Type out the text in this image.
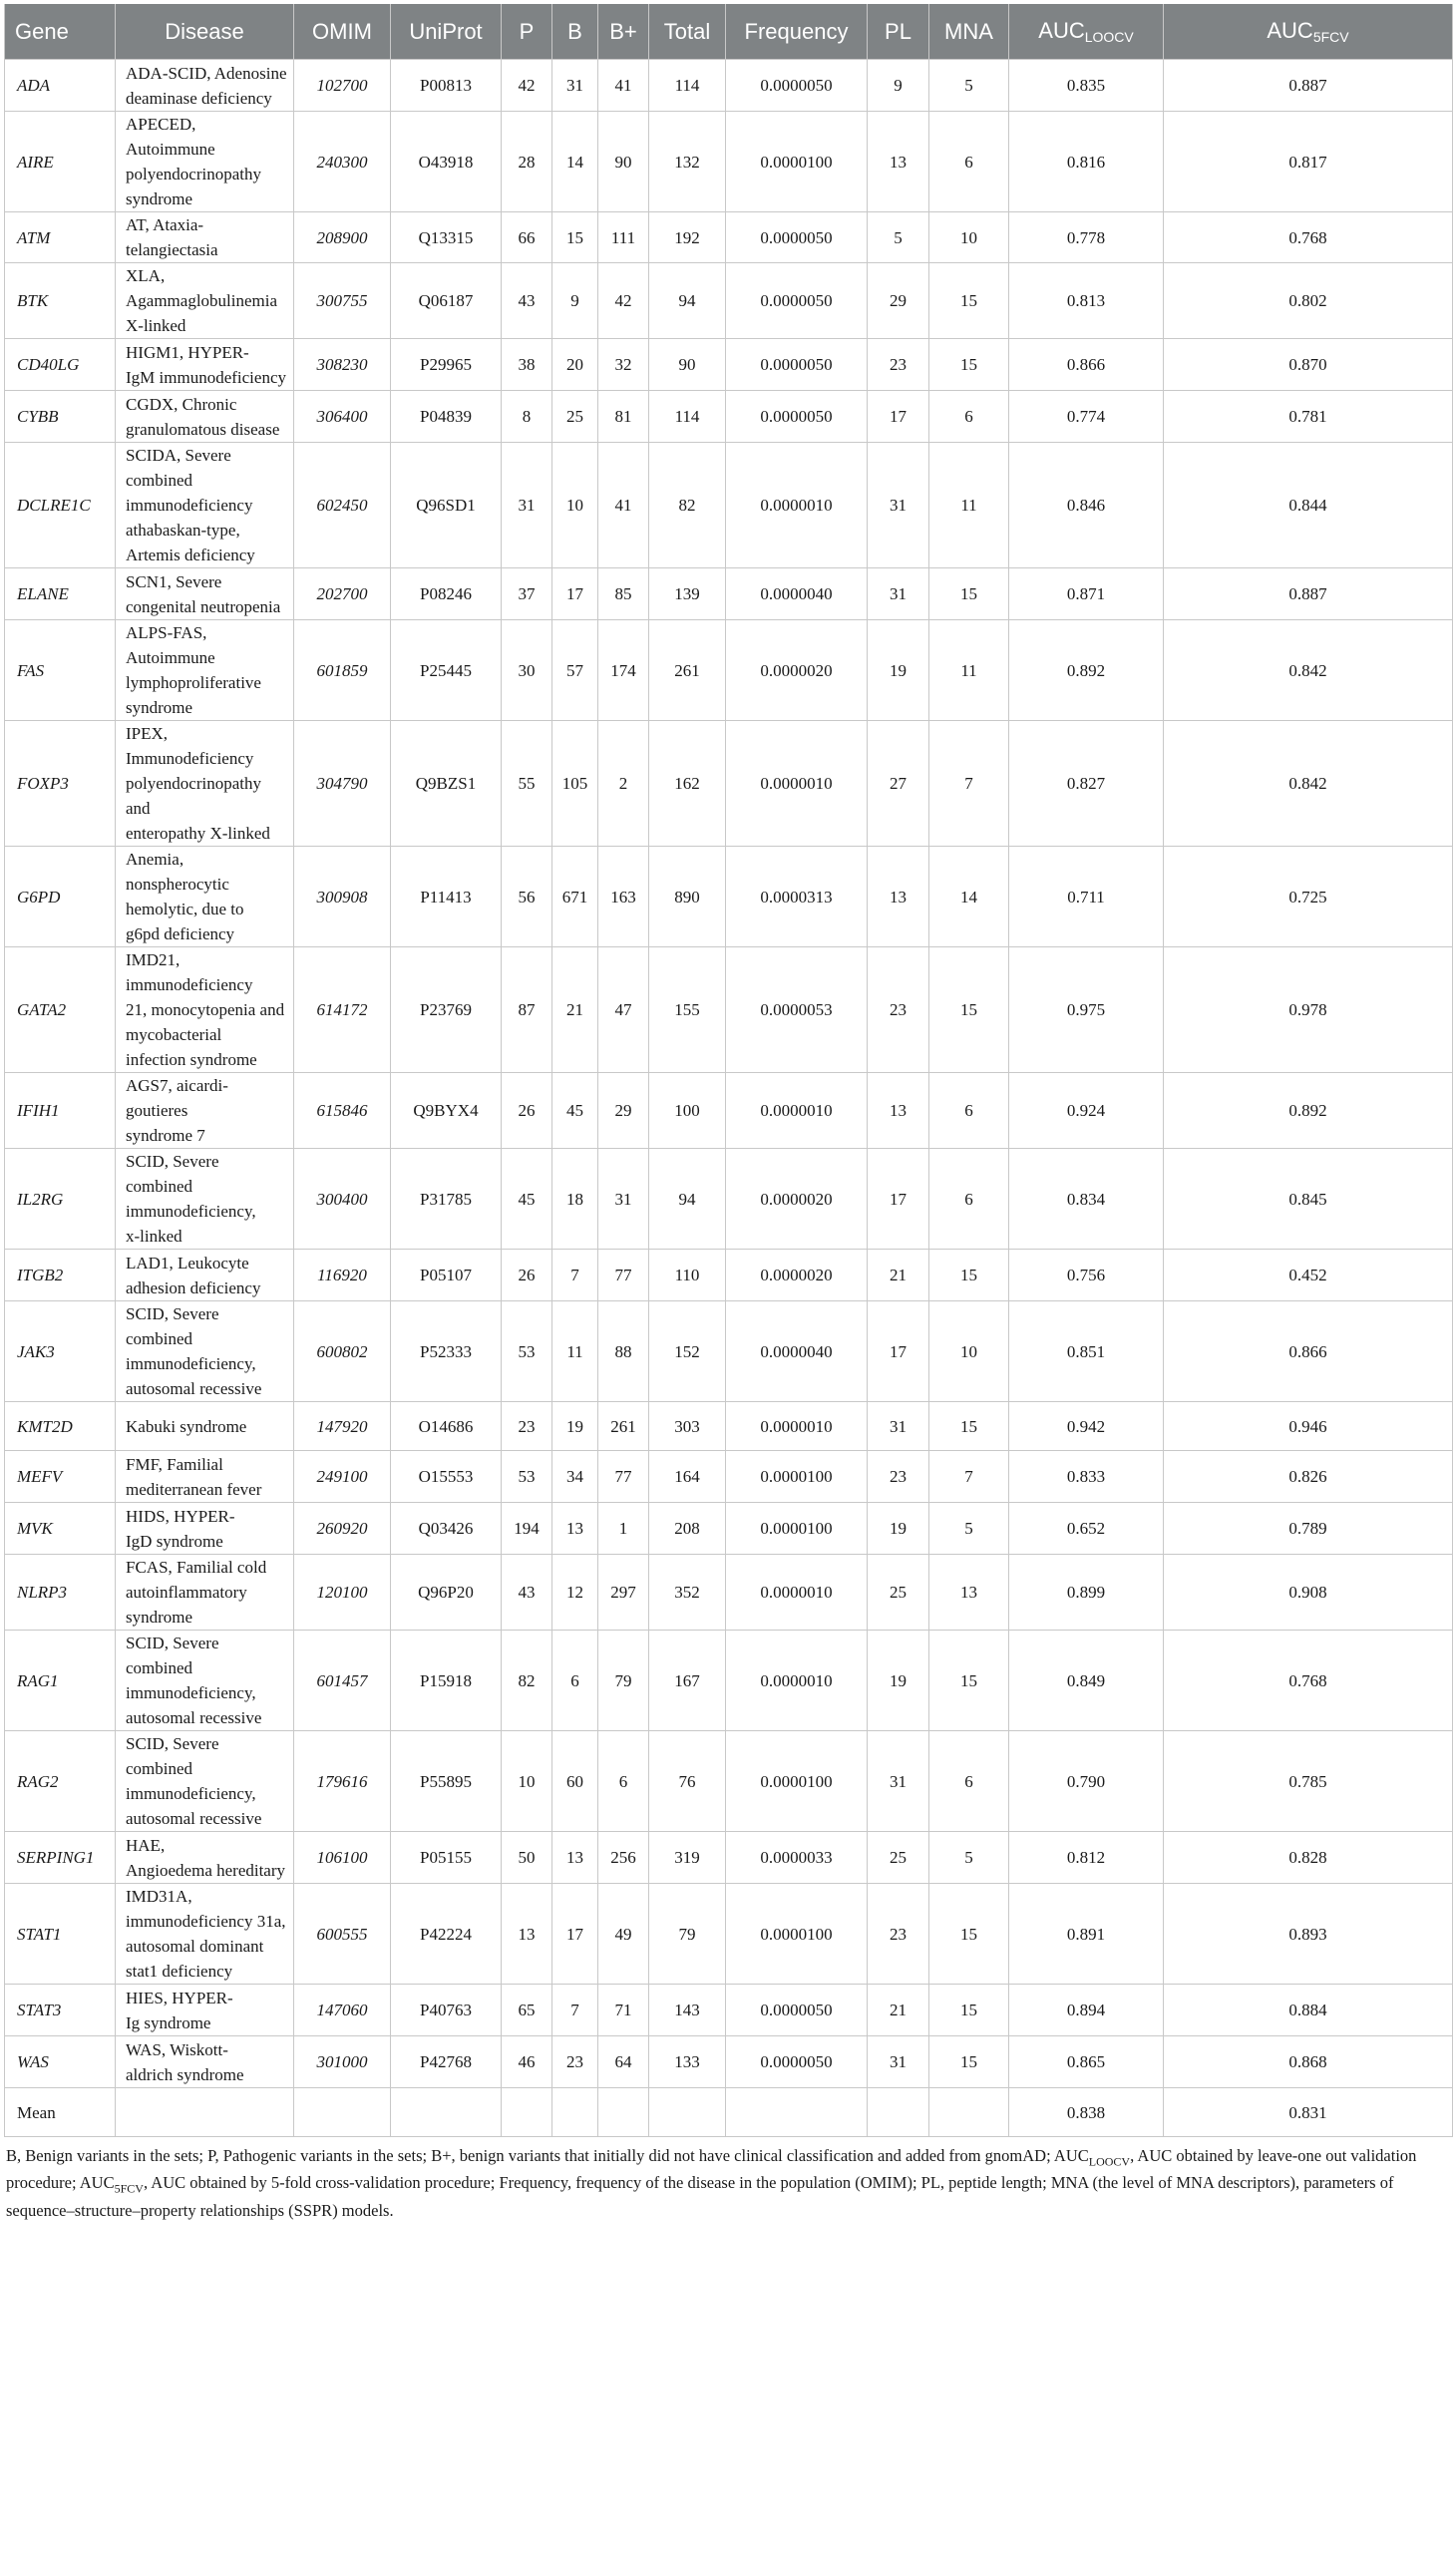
Gene	Disease	OMIM	UniProt	P	B	B+	Total	Frequency	PL	MNA	$AUC_{LOOCV}$	$AUC_{5FCV}$
ADA	ADA-SCID, Adenosine
deaminase deficiency	102700	P00813	42	31	41	114	0.0000050	9	5	0.835	0.887
AIRE	APECED, Autoimmune
polyendocrinopathy
syndrome	240300	O43918	28	14	90	132	0.0000100	13	6	0.816	0.817
ATM	AT, Ataxia-telangiectasia	208900	Q13315	66	15	111	192	0.0000050	5	10	0.778	0.768
BTK	XLA,
Agammaglobulinemia
X-linked	300755	Q06187	43	9	42	94	0.0000050	29	15	0.813	0.802
CD40LG	HIGM1, HYPER-
IgM immunodeficiency	308230	P29965	38	20	32	90	0.0000050	23	15	0.866	0.870
CYBB	CGDX, Chronic
granulomatous disease	306400	P04839	8	25	81	114	0.0000050	17	6	0.774	0.781
DCLRE1C	SCIDA, Severe combined
immunodeficiency
athabaskan-type,
Artemis deficiency	602450	Q96SD1	31	10	41	82	0.0000010	31	11	0.846	0.844
ELANE	SCN1, Severe
congenital neutropenia	202700	P08246	37	17	85	139	0.0000040	31	15	0.871	0.887
FAS	ALPS-FAS, Autoimmune
lymphoproliferative
syndrome	601859	P25445	30	57	174	261	0.0000020	19	11	0.892	0.842
FOXP3	IPEX, Immunodeficiency
polyendocrinopathy and
enteropathy X-linked	304790	Q9BZS1	55	105	2	162	0.0000010	27	7	0.827	0.842
G6PD	Anemia, nonspherocytic
hemolytic, due to
g6pd deficiency	300908	P11413	56	671	163	890	0.0000313	13	14	0.711	0.725
GATA2	IMD21, immunodeficiency
21, monocytopenia and
mycobacterial
infection syndrome	614172	P23769	87	21	47	155	0.0000053	23	15	0.975	0.978
IFIH1	AGS7, aicardi-goutieres
syndrome 7	615846	Q9BYX4	26	45	29	100	0.0000010	13	6	0.924	0.892
IL2RG	SCID, Severe combined
immunodeficiency,
x-linked	300400	P31785	45	18	31	94	0.0000020	17	6	0.834	0.845
ITGB2	LAD1, Leukocyte
adhesion deficiency	116920	P05107	26	7	77	110	0.0000020	21	15	0.756	0.452
JAK3	SCID, Severe combined
immunodeficiency,
autosomal recessive	600802	P52333	53	11	88	152	0.0000040	17	10	0.851	0.866
KMT2D	Kabuki syndrome	147920	O14686	23	19	261	303	0.0000010	31	15	0.942	0.946
MEFV	FMF, Familial
mediterranean fever	249100	O15553	53	34	77	164	0.0000100	23	7	0.833	0.826
MVK	HIDS, HYPER-
IgD syndrome	260920	Q03426	194	13	1	208	0.0000100	19	5	0.652	0.789
NLRP3	FCAS, Familial cold
autoinflammatory
syndrome	120100	Q96P20	43	12	297	352	0.0000010	25	13	0.899	0.908
RAG1	SCID, Severe combined
immunodeficiency,
autosomal recessive	601457	P15918	82	6	79	167	0.0000010	19	15	0.849	0.768
RAG2	SCID, Severe combined
immunodeficiency,
autosomal recessive	179616	P55895	10	60	6	76	0.0000100	31	6	0.790	0.785
SERPING1	HAE,
Angioedema hereditary	106100	P05155	50	13	256	319	0.0000033	25	5	0.812	0.828
STAT1	IMD31A,
immunodeficiency 31a,
autosomal dominant
stat1 deficiency	600555	P42224	13	17	49	79	0.0000100	23	15	0.891	0.893
STAT3	HIES, HYPER-
Ig syndrome	147060	P40763	65	7	71	143	0.0000050	21	15	0.894	0.884
WAS	WAS, Wiskott-
aldrich syndrome	301000	P42768	46	23	64	133	0.0000050	31	15	0.865	0.868
Mean											0.838	0.831
B, Benign variants in the sets; P, Pathogenic variants in the sets; B+, benign variants that initially did not have clinical classification and added from gnomAD; $AUC_{LOOCV}$, AUC obtained by leave-one out validation procedure; $AUC_{5FCV}$, AUC obtained by 5-fold cross-validation procedure; Frequency, frequency of the disease in the population (OMIM); PL, peptide length; MNA (the level of MNA descriptors), parameters of sequence–structure–property relationships (SSPR) models.
